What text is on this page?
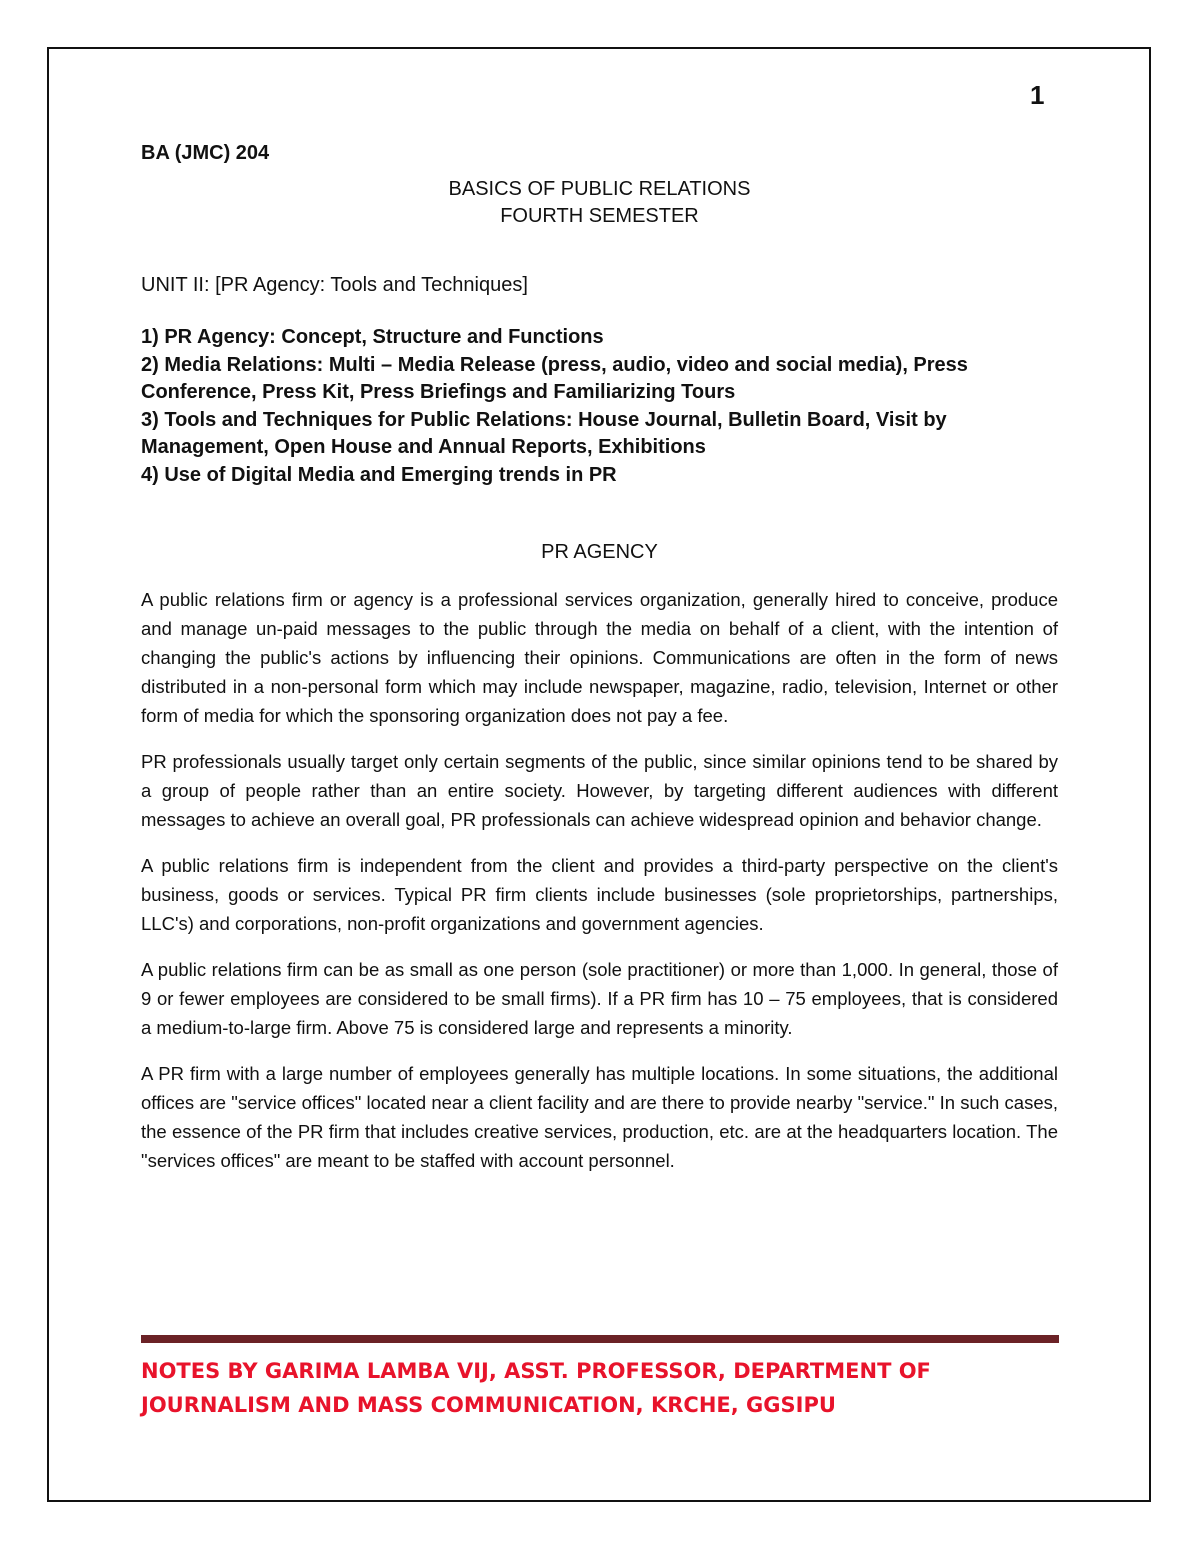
1

BA (JMC) 204

BASICS OF PUBLIC RELATIONS

FOURTH SEMESTER

UNIT II: [PR Agency: Tools and Techniques]

1) PR Agency: Concept, Structure and Functions

2) Media Relations: Multi – Media Release (press, audio, video and social media), Press Conference, Press Kit, Press Briefings and Familiarizing Tours

3) Tools and Techniques for Public Relations: House Journal, Bulletin Board, Visit by Management, Open House and Annual Reports, Exhibitions

4) Use of Digital Media and Emerging trends in PR

PR AGENCY

A public relations firm or agency is a professional services organization, generally hired to conceive, produce and manage un-paid messages to the public through the media on behalf of a client, with the intention of changing the public's actions by influencing their opinions. Communications are often in the form of news distributed in a non-personal form which may include newspaper, magazine, radio, television, Internet or other form of media for which the sponsoring organization does not pay a fee.

PR professionals usually target only certain segments of the public, since similar opinions tend to be shared by a group of people rather than an entire society. However, by targeting different audiences with different messages to achieve an overall goal, PR professionals can achieve widespread opinion and behavior change.

A public relations firm is independent from the client and provides a third-party perspective on the client's business, goods or services. Typical PR firm clients include businesses (sole proprietorships, partnerships, LLC's) and corporations, non-profit organizations and government agencies.

A public relations firm can be as small as one person (sole practitioner) or more than 1,000. In general, those of 9 or fewer employees are considered to be small firms). If a PR firm has 10 – 75 employees, that is considered a medium-to-large firm. Above 75 is considered large and represents a minority.

A PR firm with a large number of employees generally has multiple locations. In some situations, the additional offices are "service offices" located near a client facility and are there to provide nearby "service." In such cases, the essence of the PR firm that includes creative services, production, etc. are at the headquarters location. The "services offices" are meant to be staffed with account personnel.

NOTES BY GARIMA LAMBA VIJ, ASST. PROFESSOR, DEPARTMENT OF JOURNALISM AND MASS COMMUNICATION, KRCHE, GGSIPU
